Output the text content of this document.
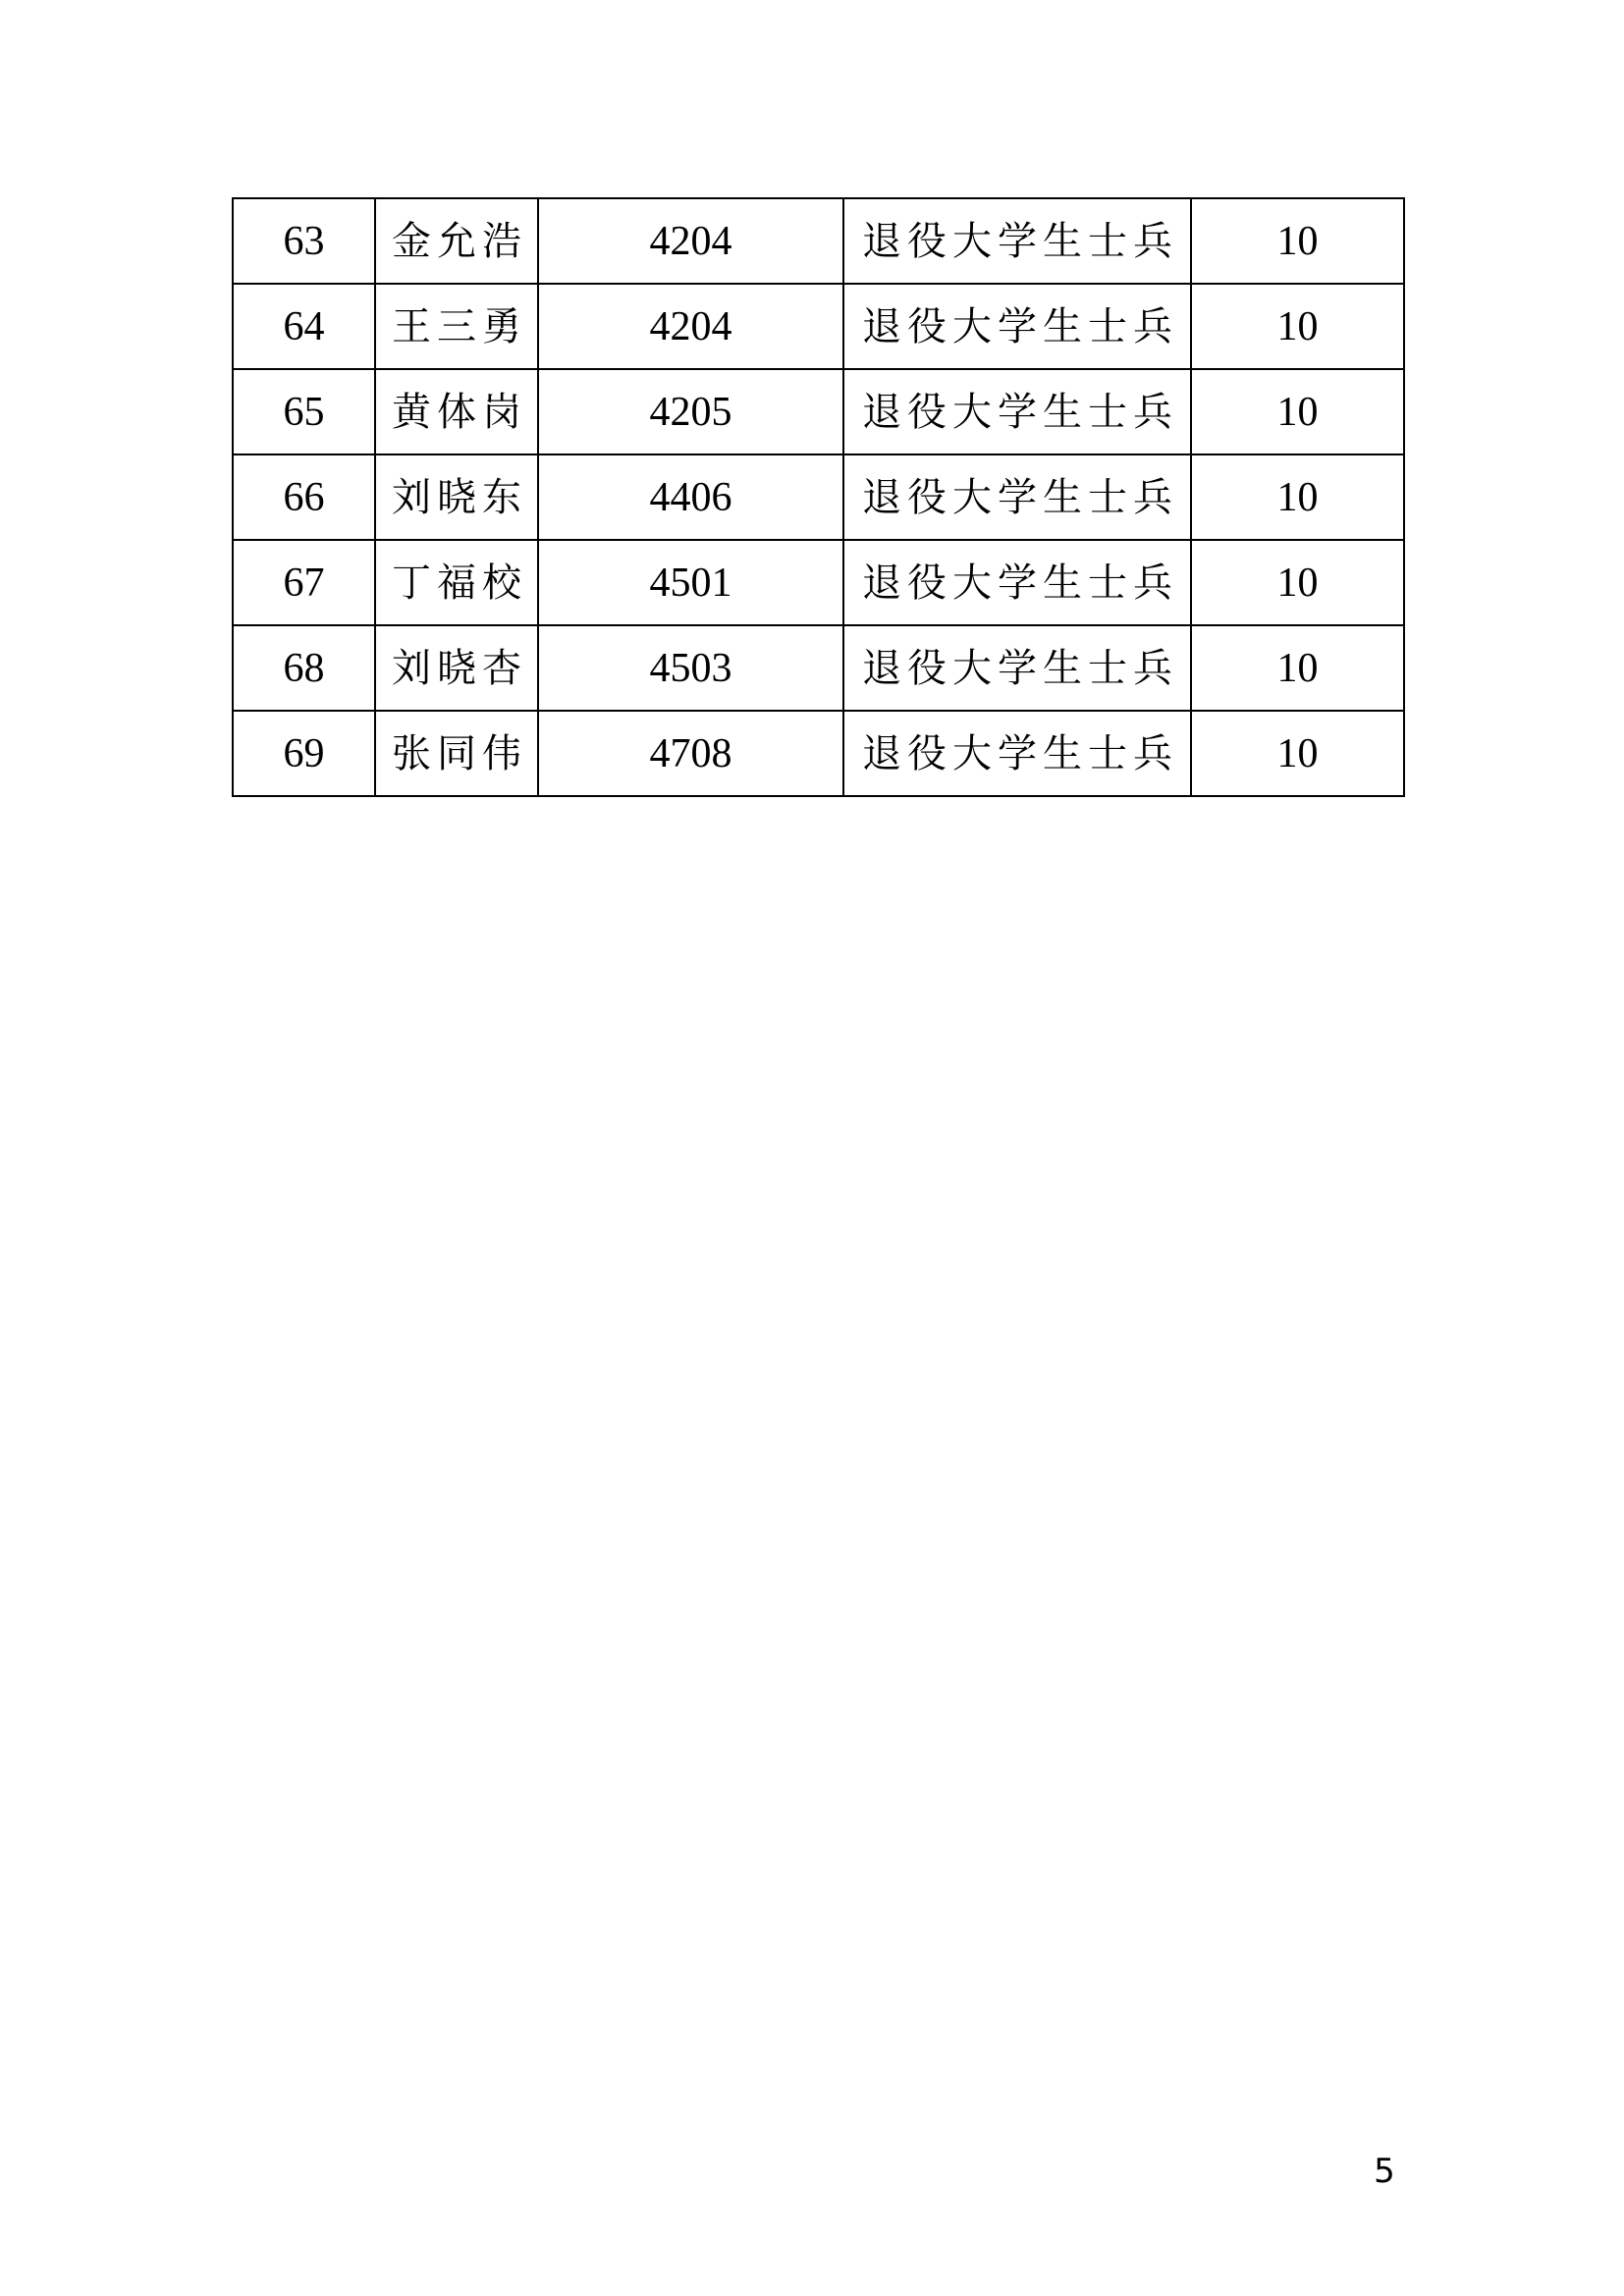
63	金允浩	4204	退役大学生士兵	10
64	王三勇	4204	退役大学生士兵	10
65	黄体岗	4205	退役大学生士兵	10
66	刘晓东	4406	退役大学生士兵	10
67	丁福校	4501	退役大学生士兵	10
68	刘晓杏	4503	退役大学生士兵	10
69	张同伟	4708	退役大学生士兵	10
5
